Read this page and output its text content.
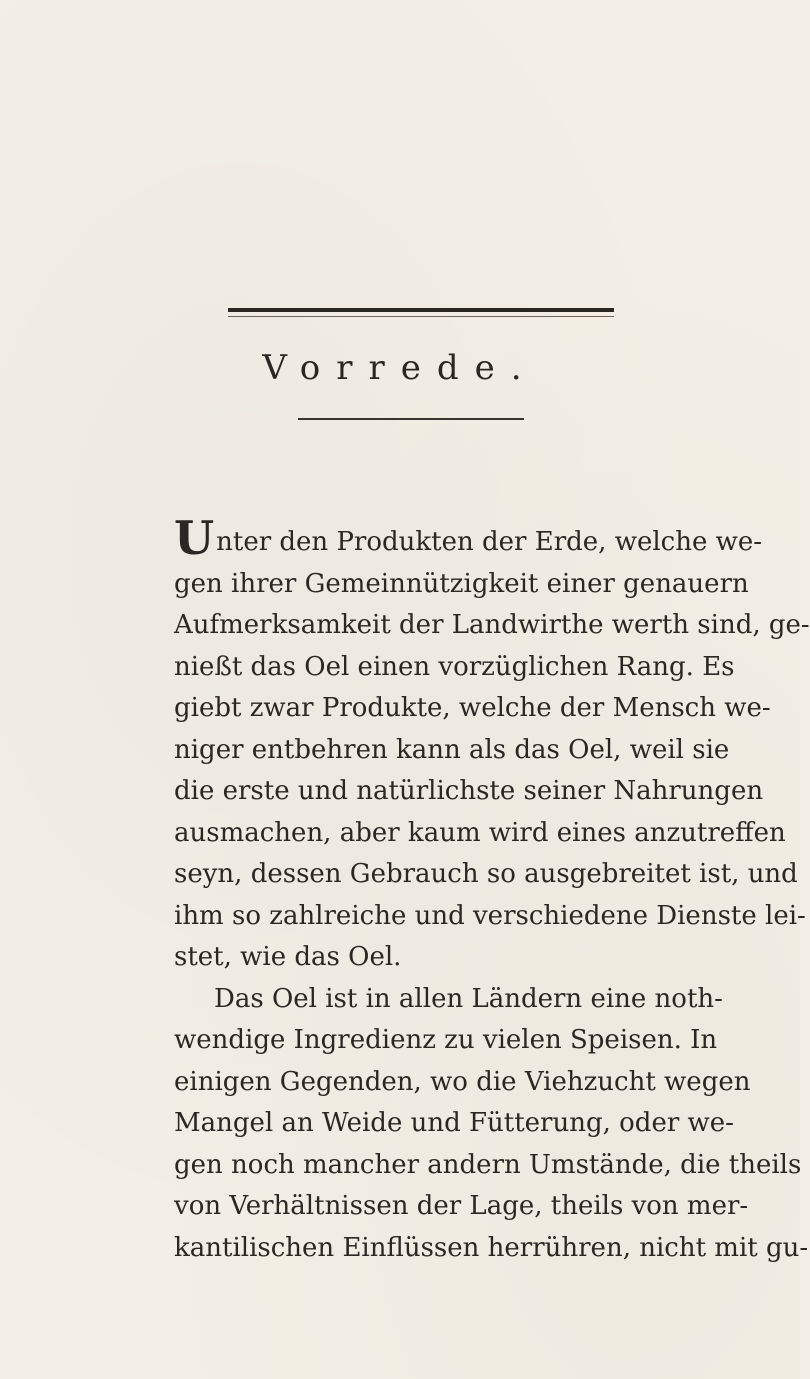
Vorrede.
Unter den Produkten der Erde, welche we-
gen ihrer Gemeinnützigkeit einer genauern
Aufmerksamkeit der Landwirthe werth sind, ge-
nießt das Oel einen vorzüglichen Rang. Es
giebt zwar Produkte, welche der Mensch we-
niger entbehren kann als das Oel, weil sie
die erste und natürlichste seiner Nahrungen
ausmachen, aber kaum wird eines anzutreffen
seyn, dessen Gebrauch so ausgebreitet ist, und
ihm so zahlreiche und verschiedene Dienste lei-
stet, wie das Oel.
Das Oel ist in allen Ländern eine noth-
wendige Ingredienz zu vielen Speisen. In
einigen Gegenden, wo die Viehzucht wegen
Mangel an Weide und Fütterung, oder we-
gen noch mancher andern Umstände, die theils
von Verhältnissen der Lage, theils von mer-
kantilischen Einflüssen herrühren, nicht mit gu-
